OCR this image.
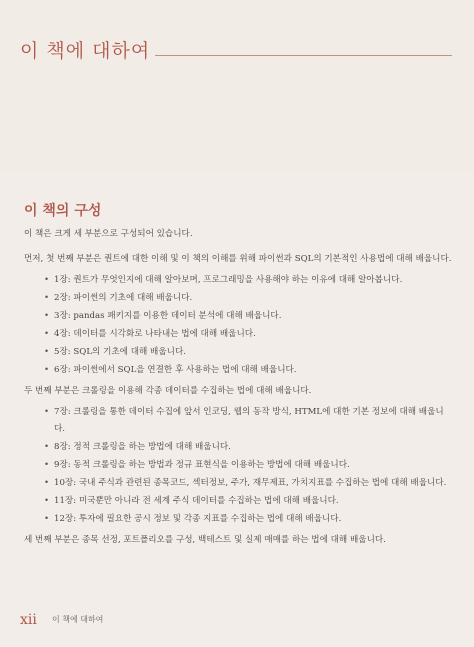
이 책에 대하여
이 책의 구성

이 책은 크게 세 부분으로 구성되어 있습니다.

먼저, 첫 번째 부분은 퀀트에 대한 이해 및 이 책의 이해를 위해 파이썬과 SQL의 기본적인 사용법에 대해 배웁니다.

• 1장: 퀀트가 무엇인지에 대해 알아보며, 프로그래밍을 사용해야 하는 이유에 대해 알아봅니다.
• 2장: 파이썬의 기초에 대해 배웁니다.
• 3장: pandas 패키지를 이용한 데이터 분석에 대해 배웁니다.
• 4장: 데이터를 시각화로 나타내는 법에 대해 배웁니다.
• 5장: SQL의 기초에 대해 배웁니다.
• 6장: 파이썬에서 SQL을 연결한 후 사용하는 법에 대해 배웁니다.

두 번째 부분은 크롤링을 이용해 각종 데이터를 수집하는 법에 대해 배웁니다.

• 7장: 크롤링을 통한 데이터 수집에 앞서 인코딩, 웹의 동작 방식, HTML에 대한 기본 정보에 대해 배웁니다.
• 8장: 정적 크롤링을 하는 방법에 대해 배웁니다.
• 9장: 동적 크롤링을 하는 방법과 정규 표현식을 이용하는 방법에 대해 배웁니다.
• 10장: 국내 주식과 관련된 종목코드, 섹터정보, 주가, 재무제표, 가치지표를 수집하는 법에 대해 배웁니다.
• 11장: 미국뿐만 아니라 전 세계 주식 데이터를 수집하는 법에 대해 배웁니다.
• 12장: 투자에 필요한 공시 정보 및 각종 지표를 수집하는 법에 대해 배웁니다.

세 번째 부분은 종목 선정, 포트폴리오를 구성, 백테스트 및 실제 매매를 하는 법에 대해 배웁니다.

xii 이 책에 대하여
